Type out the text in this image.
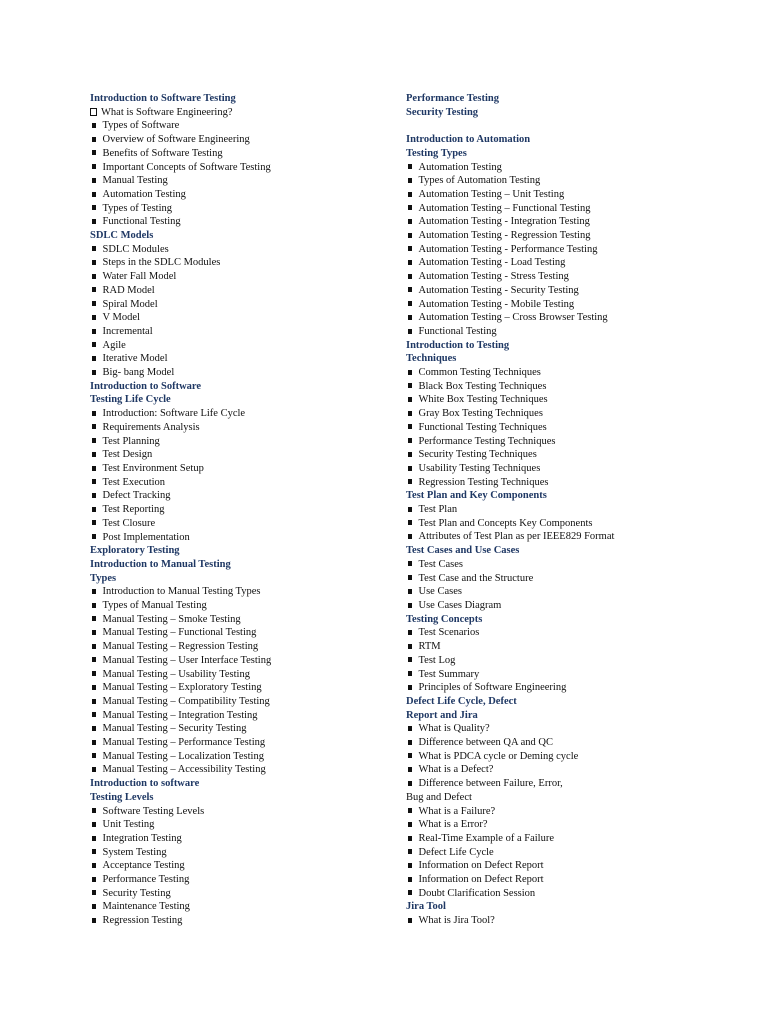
Introduction to Software Testing
What is Software Engineering?
Types of Software
Overview of Software Engineering
Benefits of Software Testing
Important Concepts of Software Testing
Manual Testing
Automation Testing
Types of Testing
Functional Testing
SDLC Models
SDLC Modules
Steps in the SDLC Modules
Water Fall Model
RAD Model
Spiral Model
V Model
Incremental
Agile
Iterative Model
Big- bang Model
Introduction to Software
Testing Life Cycle
Introduction: Software Life Cycle
Requirements Analysis
Test Planning
Test Design
Test Environment Setup
Test Execution
Defect Tracking
Test Reporting
Test Closure
Post Implementation
Exploratory Testing
Introduction to Manual Testing
Types
Introduction to Manual Testing Types
Types of Manual Testing
Manual Testing – Smoke Testing
Manual Testing – Functional Testing
Manual Testing – Regression Testing
Manual Testing – User Interface Testing
Manual Testing – Usability Testing
Manual Testing – Exploratory Testing
Manual Testing – Compatibility Testing
Manual Testing – Integration Testing
Manual Testing – Security Testing
Manual Testing – Performance Testing
Manual Testing – Localization Testing
Manual Testing – Accessibility Testing
Introduction to software
Testing Levels
Software Testing Levels
Unit Testing
Integration Testing
System Testing
Acceptance Testing
Performance Testing
Security Testing
Maintenance Testing
Regression Testing
Performance Testing
Security Testing
Introduction to Automation
Testing Types
Automation Testing
Types of Automation Testing
Automation Testing – Unit Testing
Automation Testing – Functional Testing
Automation Testing - Integration Testing
Automation Testing - Regression Testing
Automation Testing - Performance Testing
Automation Testing - Load Testing
Automation Testing - Stress Testing
Automation Testing - Security Testing
Automation Testing - Mobile Testing
Automation Testing – Cross Browser Testing
Functional Testing
Introduction to Testing
Techniques
Common Testing Techniques
Black Box Testing Techniques
White Box Testing Techniques
Gray Box Testing Techniques
Functional Testing Techniques
Performance Testing Techniques
Security Testing Techniques
Usability Testing Techniques
Regression Testing Techniques
Test Plan and Key Components
Test Plan
Test Plan and Concepts Key Components
Attributes of Test Plan as per IEEE829 Format
Test Cases and Use Cases
Test Cases
Test Case and the Structure
Use Cases
Use Cases Diagram
Testing Concepts
Test Scenarios
RTM
Test Log
Test Summary
Principles of Software Engineering
Defect Life Cycle, Defect
Report and Jira
What is Quality?
Difference between QA and QC
What is PDCA cycle or Deming cycle
What is a Defect?
Difference between Failure, Error,
Bug and Defect
What is a Failure?
What is a Error?
Real-Time Example of a Failure
Defect Life Cycle
Information on Defect Report
Information on Defect Report
Doubt Clarification Session
Jira Tool
What is Jira Tool?
